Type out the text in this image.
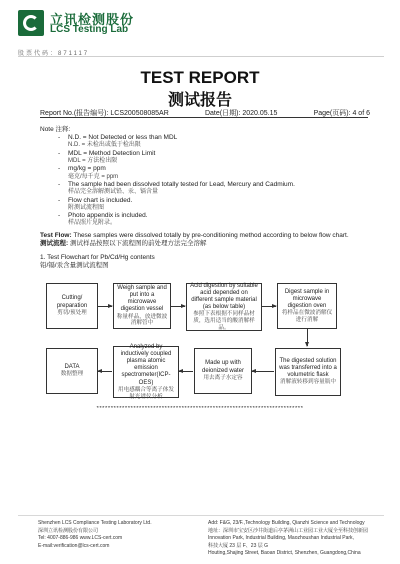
立讯检测股份
LCS Testing Lab
股票代码：871117
TEST REPORT
测试报告
Report No.(报告编号): LCS200508085AR	Date(日期): 2020.05.15	Page(页码): 4 of 6
Note 注释:
- N.D. = Not Detected or less than MDL
N.D. = 未检出或低于检出限
- MDL = Method Detection Limit
MDL = 方法检出限
- mg/kg = ppm
毫克/每千克 = ppm
- The sample had been dissolved totally tested for Lead, Mercury and Cadmium.
样品完全溶解测试铅、汞、镉含量
- Flow chart is included.
附测试流程图
- Photo appendix is included.
样品照片见附录。
Test Flow: These samples were dissolved totally by pre-conditioning method according to below flow chart.
测试流程: 测试样品按照以下流程图的前处理方法完全溶解
1. Test Flowchart for Pb/Cd/Hg contents
铅/镉/汞含量测试流程图
Cutting/ preparation
剪切/预处理
Weigh sample and put into a microwave digestion vessel
称量样品，放进微波消解管中
Acid digestion by suitable acid depended on different sample material (as below table)
参照下表根据不同样品材质，选用适当的酸消解样品。
Digest sample in microwave digestion oven
将样品在微波消解仪进行消解
DATA
数据整理
Analyzed by inductively coupled plasma atomic emission spectrometer(ICP-OES)
用电感耦合等离子体发射光谱仪分析
Made up with deionized water
用去离子水定容
The digested solution was transferred into a volumetric flask
消解液转移到容量瓶中
*************************************************************************
Shenzhen LCS Compliance Testing Laboratory Ltd.
深圳立讯检测股份有限公司
Tel: 4007-886-986 www.LCS-cert.com
E-mail:verification@lcs-cert.com
Add: F&G, 23/F.,Technology Building, Qianzhi Science and Technology
地址：深圳市宝安区沙井街道后亭茅洲山工业园工业大厦全至科技创新园
Innovation Park, Industrial Building, Maozhoushan Industrial Park,
科技大厦 23 层 F、23 层 G
Houting,Shajing Street, Baoan District, Shenzhen, Guangdong,China
